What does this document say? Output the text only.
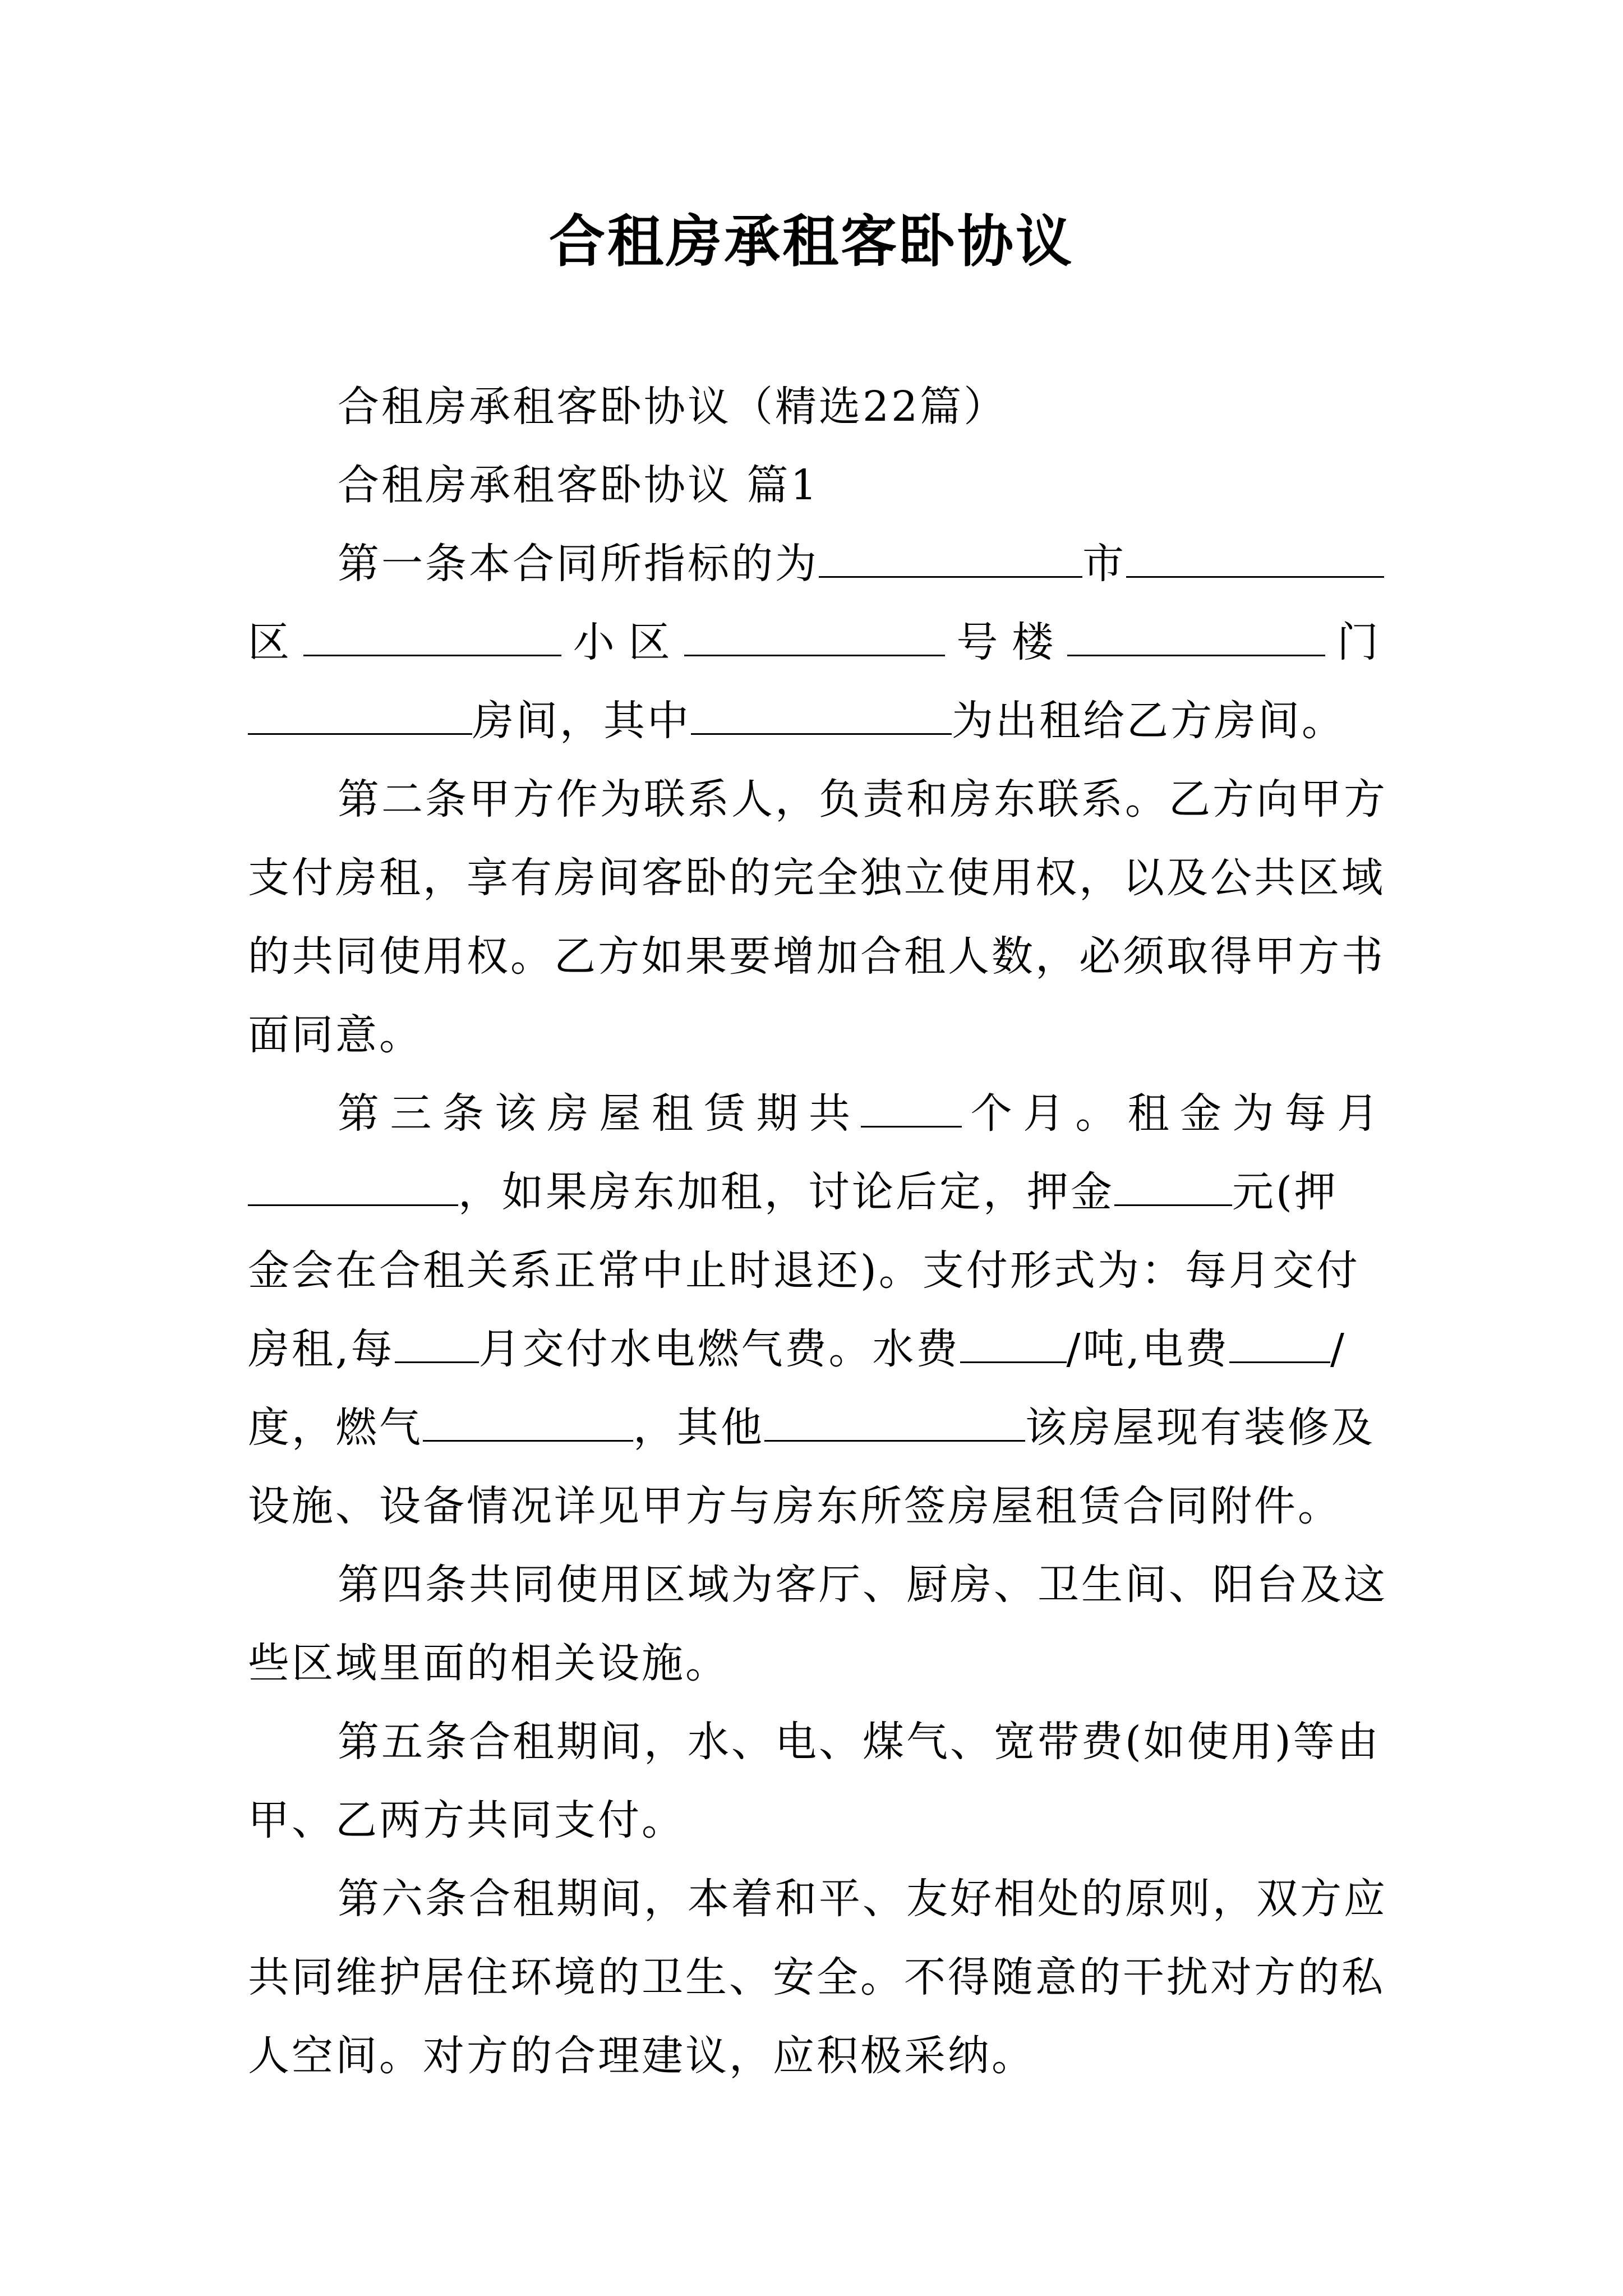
合租房承租客卧协议
合租房承租客卧协议（精选22篇）
合租房承租客卧协议 篇1
第一条本合同所指标的为	市
区	小区	号楼	门
房间，其中	为出租给乙方房间。
第二条甲方作为联系人，负责和房东联系。乙方向甲方
支付房租，享有房间客卧的完全独立使用权，以及公共区域
的共同使用权。乙方如果要增加合租人数，必须取得甲方书
面同意。
第三条该房屋租赁期共 个月。租金为每月
，如果房东加租，讨论后定，押金	元(押
金会在合租关系正常中止时退还)。支付形式为：每月交付
房租,每 月交付水电燃气费。水费	/吨,电费 /
度，燃气	，其他	该房屋现有装修及
设施、设备情况详见甲方与房东所签房屋租赁合同附件。
第四条共同使用区域为客厅、厨房、卫生间、阳台及这
些区域里面的相关设施。
第五条合租期间，水、电、煤气、宽带费(如使用)等由
甲、乙两方共同支付。
第六条合租期间，本着和平、友好相处的原则，双方应
共同维护居住环境的卫生、安全。不得随意的干扰对方的私
人空间。对方的合理建议，应积极采纳。
